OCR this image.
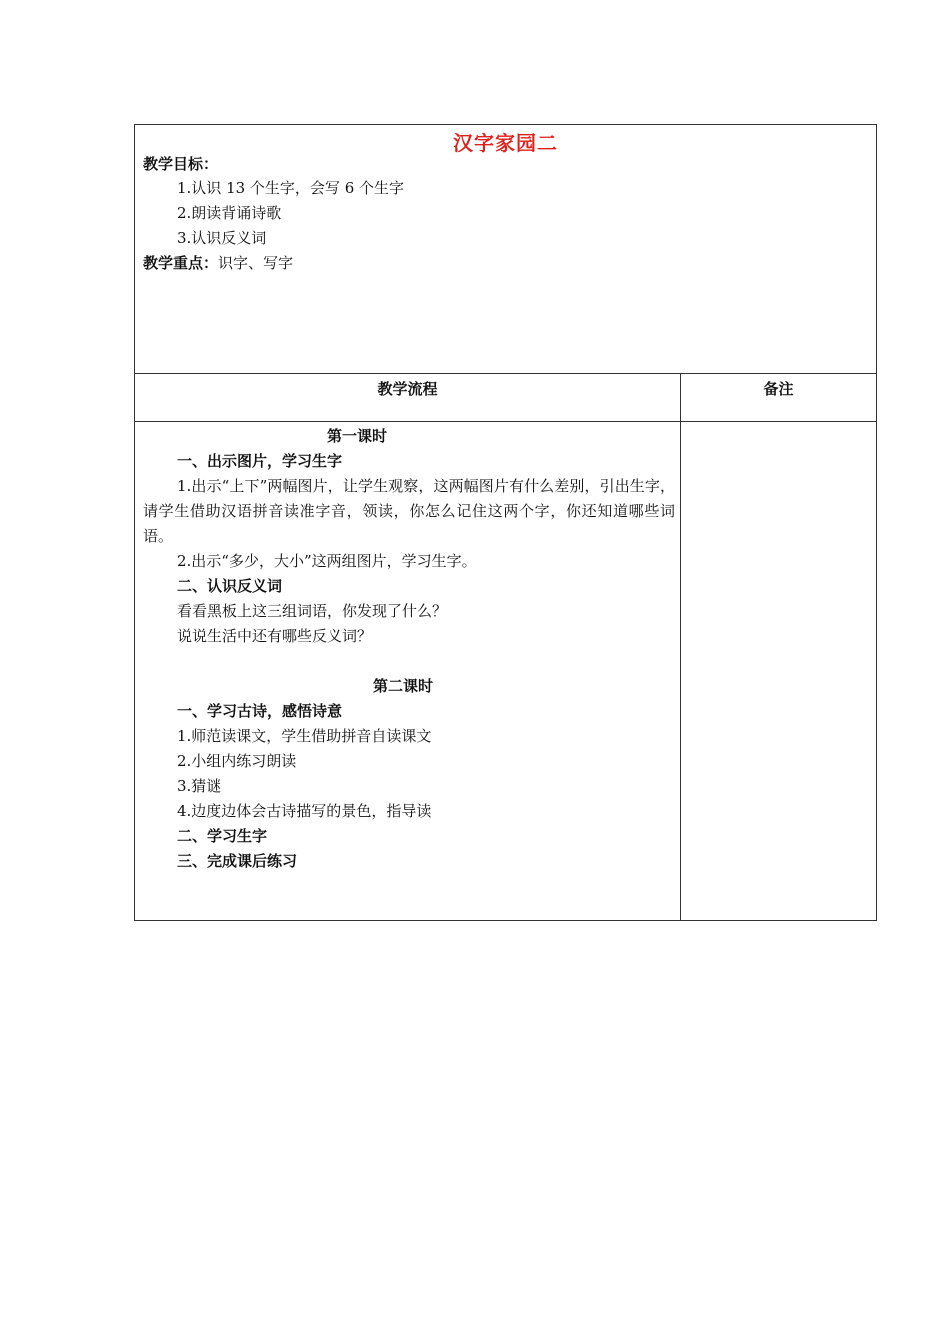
汉字家园二
教学目标：
1.认识 13 个生字，会写 6 个生字
2.朗读背诵诗歌
3.认识反义词
教学重点：识字、写字
教学流程	备注
第一课时
一、出示图片，学习生字
1.出示“上下”两幅图片，让学生观察，这两幅图片有什么差别，引出生字，请学生借助汉语拼音读准字音，领读，你怎么记住这两个字，你还知道哪些词语。
2.出示“多少，大小”这两组图片，学习生字。
二、认识反义词
看看黑板上这三组词语，你发现了什么？
说说生活中还有哪些反义词？
第二课时
一、学习古诗，感悟诗意
1.师范读课文，学生借助拼音自读课文
2.小组内练习朗读
3.猜谜
4.边度边体会古诗描写的景色，指导读
二、学习生字
三、完成课后练习
